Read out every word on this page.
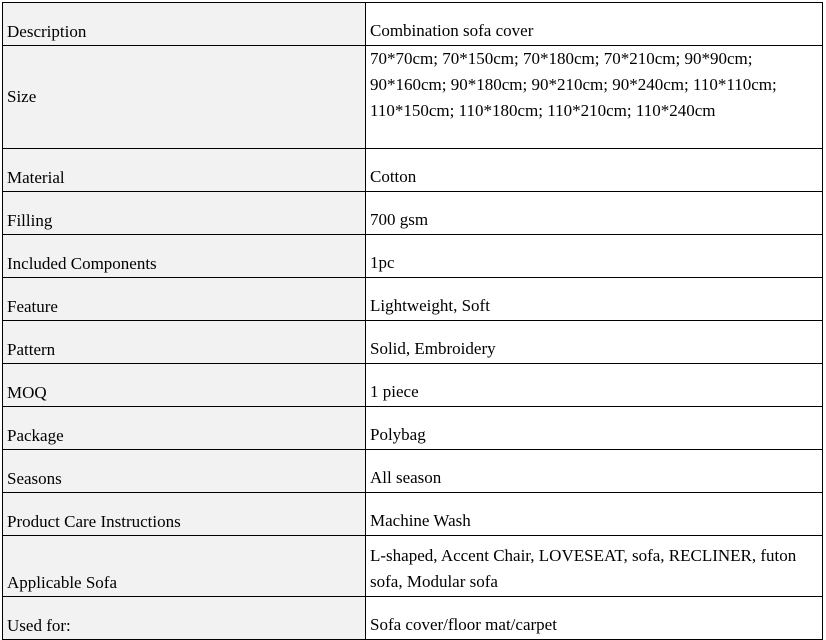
Description	Combination sofa cover
Size	70*70cm; 70*150cm; 70*180cm; 70*210cm; 90*90cm; 90*160cm; 90*180cm; 90*210cm; 90*240cm; 110*110cm; 110*150cm; 110*180cm; 110*210cm; 110*240cm
Material	Cotton
Filling	700 gsm
Included Components	1pc
Feature	Lightweight, Soft
Pattern	Solid, Embroidery
MOQ	1 piece
Package	Polybag
Seasons	All season
Product Care Instructions	Machine Wash
Applicable Sofa	L-shaped, Accent Chair, LOVESEAT, sofa, RECLINER, futon sofa, Modular sofa
Used for:	Sofa cover/floor mat/carpet
